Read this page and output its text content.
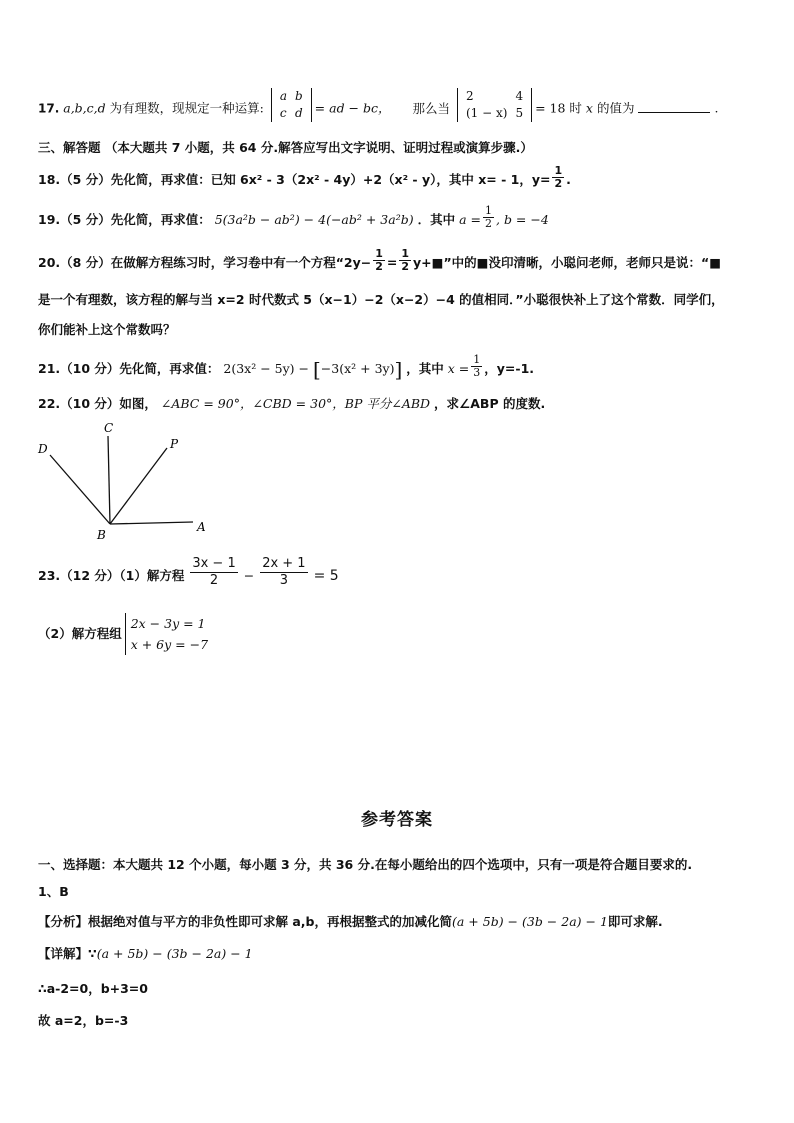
17. a,b,c,d 为有理数，现规定一种运算:
a	b
c	d = ad − bc， 那么当
2	4
(1 − x)	5 = 18 时 x 的值为	.
三、解答题 （本大题共 7 小题，共 64 分.解答应写出文字说明、证明过程或演算步骤.）
18.（5 分）先化简，再求值：已知 6x² - 3（2x² - 4y）+2（x² - y），其中 x= - 1，$y= \frac{1}{2}$ .
19.（5 分）先化简，再求值： 5(3a²b − ab²) − 4(−ab² + 3a²b) ．其中 $a = \frac{1}{2}$ , b = −4
20.（8 分）在做解方程练习时，学习卷中有一个方程“$2y- \frac{1}{2} = \frac{1}{2}$ y+■”中的■没印清晰，小聪问老师，老师只是说：“■
是一个有理数，该方程的解与当 x=2 时代数式 5（x−1）−2（x−2）−4 的值相同．”小聪很快补上了这个常数．同学们，
你们能补上这个常数吗？
21.（10 分）先化简，再求值： 2(3x² − 5y) − [−3(x² + 3y)] ，其中 $x = \frac{1}{3}$ ，y=-1.
22.（10 分）如图， ∠ABC = 90°，∠CBD = 30°，BP 平分∠ABD ，求∠ABP 的度数.
D
C
P
B
A
23.（12 分）（1）解方程 $\frac{3x - 1}{2} - \frac{2x + 1}{3} = 5$
（2）解方程组
2x − 3y = 1
x + 6y = −7
参考答案
一、选择题：本大题共 12 个小题，每小题 3 分，共 36 分.在每小题给出的四个选项中，只有一项是符合题目要求的.
1、B
【分析】根据绝对值与平方的非负性即可求解 a,b，再根据整式的加减化简(a + 5b) − (3b − 2a) − 1即可求解.
【详解】∵(a + 5b) − (3b − 2a) − 1
∴a-2=0，b+3=0
故 a=2，b=-3
